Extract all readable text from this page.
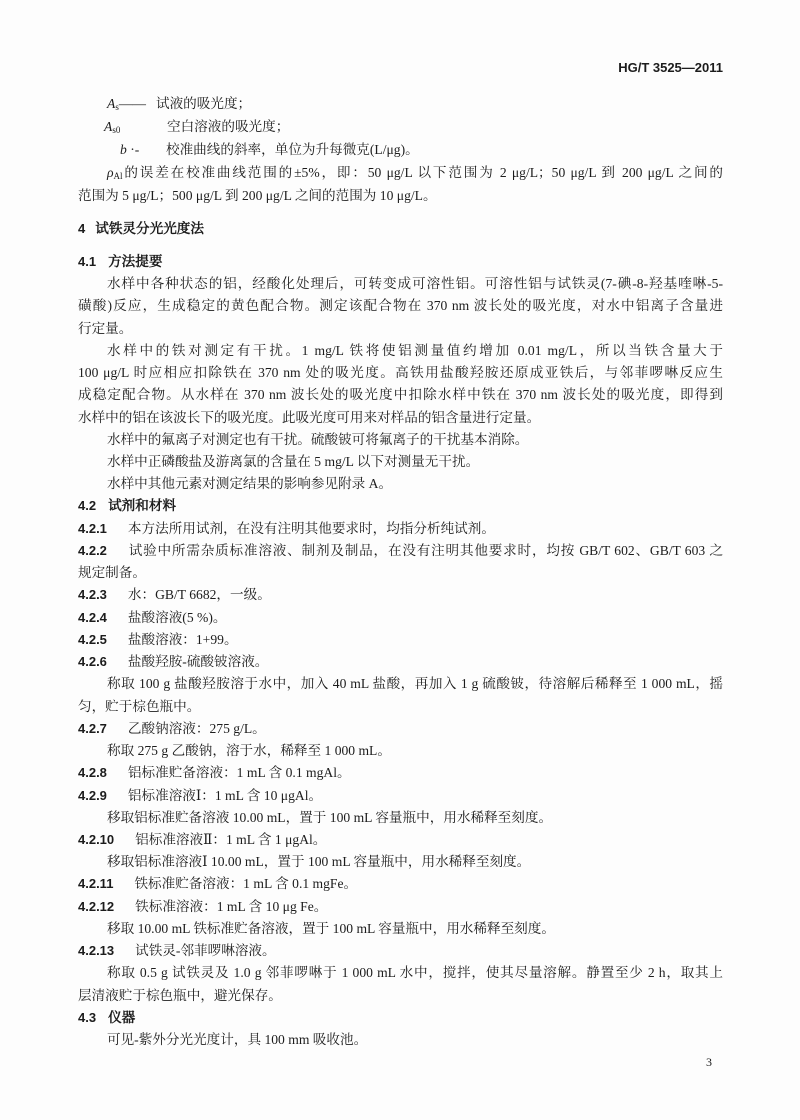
HG/T 3525—2011
$A_s——$ 试液的吸光度；
$A_{s0}$	空白溶液的吸光度；
b ·- 校准曲线的斜率，单位为升每微克(L/μg)。
$\rho_{Al}$的误差在校准曲线范围的±5%，即：50 μg/L 以下范围为 2 μg/L；50 μg/L 到 200 μg/L 之间的
范围为 5 μg/L；500 μg/L 到 200 μg/L 之间的范围为 10 μg/L。
4 试铁灵分光光度法
4.1 方法提要
水样中各种状态的铝，经酸化处理后，可转变成可溶性铝。可溶性铝与试铁灵(7-碘-8-羟基喹啉-5-
磺酸)反应，生成稳定的黄色配合物。测定该配合物在 370 nm 波长处的吸光度，对水中铝离子含量进
行定量。
水样中的铁对测定有干扰。1 mg/L 铁将使铝测量值约增加 0.01 mg/L，所以当铁含量大于
100 μg/L 时应相应扣除铁在 370 nm 处的吸光度。高铁用盐酸羟胺还原成亚铁后，与邻菲啰啉反应生
成稳定配合物。从水样在 370 nm 波长处的吸光度中扣除水样中铁在 370 nm 波长处的吸光度，即得到
水样中的铝在该波长下的吸光度。此吸光度可用来对样品的铝含量进行定量。
水样中的氟离子对测定也有干扰。硫酸铍可将氟离子的干扰基本消除。
水样中正磷酸盐及游离氯的含量在 5 mg/L 以下对测量无干扰。
水样中其他元素对测定结果的影响参见附录 A。
4.2 试剂和材料
4.2.1 本方法所用试剂，在没有注明其他要求时，均指分析纯试剂。
4.2.2 试验中所需杂质标准溶液、制剂及制品，在没有注明其他要求时，均按 GB/T 602、GB/T 603 之
规定制备。
4.2.3 水：GB/T 6682，一级。
4.2.4 盐酸溶液(5 %)。
4.2.5 盐酸溶液：1+99。
4.2.6 盐酸羟胺-硫酸铍溶液。
称取 100 g 盐酸羟胺溶于水中，加入 40 mL 盐酸，再加入 1 g 硫酸铍，待溶解后稀释至 1 000 mL，摇
匀，贮于棕色瓶中。
4.2.7 乙酸钠溶液：275 g/L。
称取 275 g 乙酸钠，溶于水，稀释至 1 000 mL。
4.2.8 铝标准贮备溶液：1 mL 含 0.1 mgAl。
4.2.9 铝标准溶液Ⅰ：1 mL 含 10 μgAl。
移取铝标准贮备溶液 10.00 mL，置于 100 mL 容量瓶中，用水稀释至刻度。
4.2.10 铝标准溶液Ⅱ：1 mL 含 1 μgAl。
移取铝标准溶液Ⅰ 10.00 mL，置于 100 mL 容量瓶中，用水稀释至刻度。
4.2.11 铁标准贮备溶液：1 mL 含 0.1 mgFe。
4.2.12 铁标准溶液：1 mL 含 10 μg Fe。
移取 10.00 mL 铁标准贮备溶液，置于 100 mL 容量瓶中，用水稀释至刻度。
4.2.13 试铁灵-邻菲啰啉溶液。
称取 0.5 g 试铁灵及 1.0 g 邻菲啰啉于 1 000 mL 水中，搅拌，使其尽量溶解。静置至少 2 h，取其上
层清液贮于棕色瓶中，避光保存。
4.3 仪器
可见-紫外分光光度计，具 100 mm 吸收池。
3
